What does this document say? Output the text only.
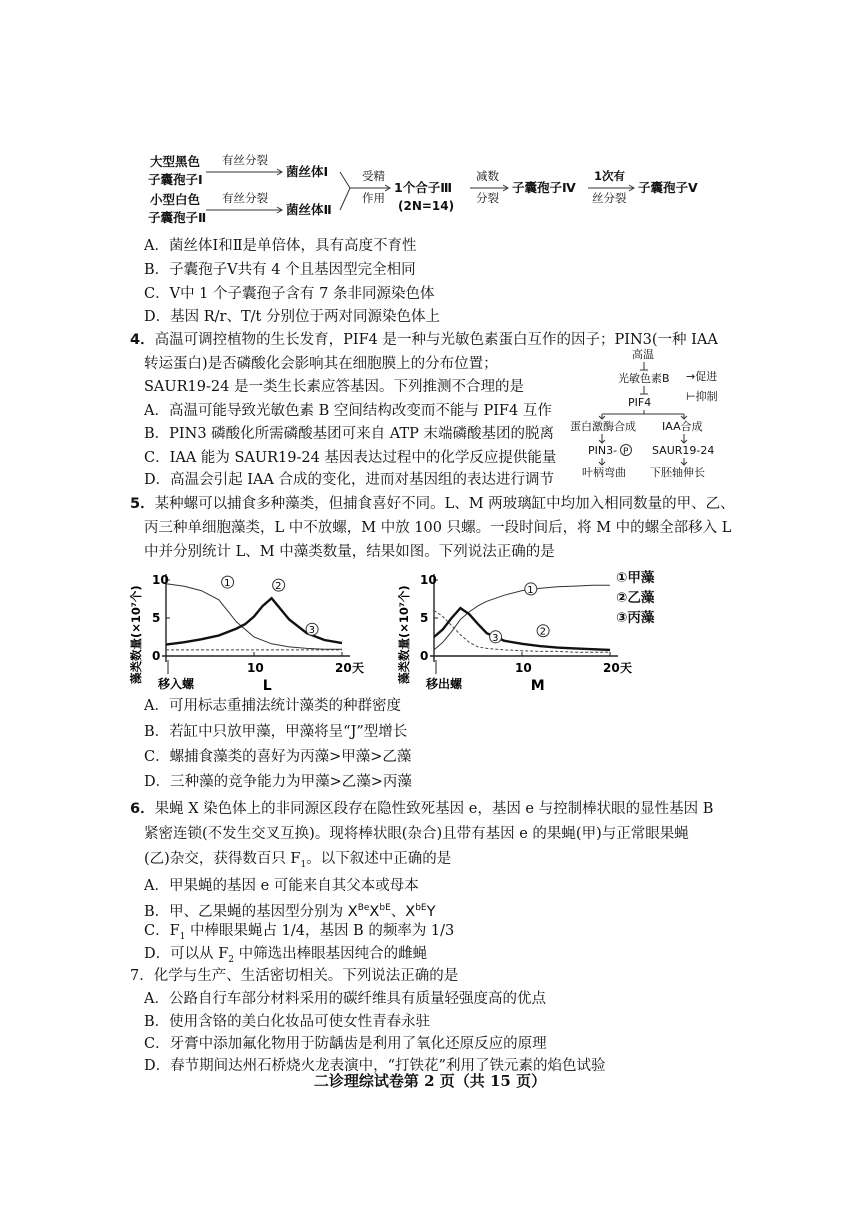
大型黑色
子囊孢子Ⅰ
小型白色
子囊孢子Ⅱ
菌丝体Ⅰ
菌丝体Ⅱ
1个合子Ⅲ
(2N=14)
子囊孢子Ⅳ	子囊孢子Ⅴ
有丝分裂
有丝分裂
受精
作用
减数
分裂
1次有
丝分裂
A．菌丝体Ⅰ和Ⅱ是单倍体，具有高度不育性
B．子囊孢子Ⅴ共有 4 个且基因型完全相同
C．Ⅴ中 1 个子囊孢子含有 7 条非同源染色体
D．基因 R/r、T/t 分别位于两对同源染色体上
4．高温可调控植物的生长发育，PIF4 是一种与光敏色素蛋白互作的因子；PIN3(一种 IAA
转运蛋白)是否磷酸化会影响其在细胞膜上的分布位置；
SAUR19-24 是一类生长素应答基因。下列推测不合理的是
A．高温可能导致光敏色素 B 空间结构改变而不能与 PIF4 互作
B．PIN3 磷酸化所需磷酸基团可来自 ATP 末端磷酸基团的脱离
C．IAA 能为 SAUR19-24 基因表达过程中的化学反应提供能量
D．高温会引起 IAA 合成的变化，进而对基因组的表达进行调节
高温
光敏色素B →促进
⊢抑制
PIF4
蛋白激酶合成 IAA合成
PIN3- P SAUR19-24
叶柄弯曲 下胚轴伸长
5．某种螺可以捕食多种藻类，但捕食喜好不同。L、M 两玻璃缸中均加入相同数量的甲、乙、
丙三种单细胞藻类，L 中不放螺，M 中放 100 只螺。一段时间后，将 M 中的螺全部移入 L
中并分别统计 L、M 中藻类数量，结果如图。下列说法正确的是
0
5
10
10	20 天
藻类数量(×10⁷个) 移入螺	L
1	2
3
0
5
10
10	20 天
藻类数量(×10⁷个) 移出螺	M
1
2
3
①甲藻
②乙藻
③丙藻
A．可用标志重捕法统计藻类的种群密度
B．若缸中只放甲藻，甲藻将呈“J”型增长
C．螺捕食藻类的喜好为丙藻>甲藻>乙藻
D．三种藻的竞争能力为甲藻>乙藻>丙藻
6．果蝇 X 染色体上的非同源区段存在隐性致死基因 e，基因 e 与控制棒状眼的显性基因 B
紧密连锁(不发生交叉互换)。现将棒状眼(杂合)且带有基因 e 的果蝇(甲)与正常眼果蝇
(乙)杂交，获得数百只 $F_1$。以下叙述中正确的是
A．甲果蝇的基因 e 可能来自其父本或母本
B．甲、乙果蝇的基因型分别为 $X^{Be}X^{bE}$、$X^{bE}Y$
C．$F_1$ 中棒眼果蝇占 1/4，基因 B 的频率为 1/3
D．可以从 $F_2$ 中筛选出棒眼基因纯合的雌蝇
7．化学与生产、生活密切相关。下列说法正确的是
A．公路自行车部分材料采用的碳纤维具有质量轻强度高的优点
B．使用含铬的美白化妆品可使女性青春永驻
C．牙膏中添加氟化物用于防龋齿是利用了氧化还原反应的原理
D．春节期间达州石桥烧火龙表演中，“打铁花”利用了铁元素的焰色试验
二诊理综试卷第 2 页（共 15 页）
